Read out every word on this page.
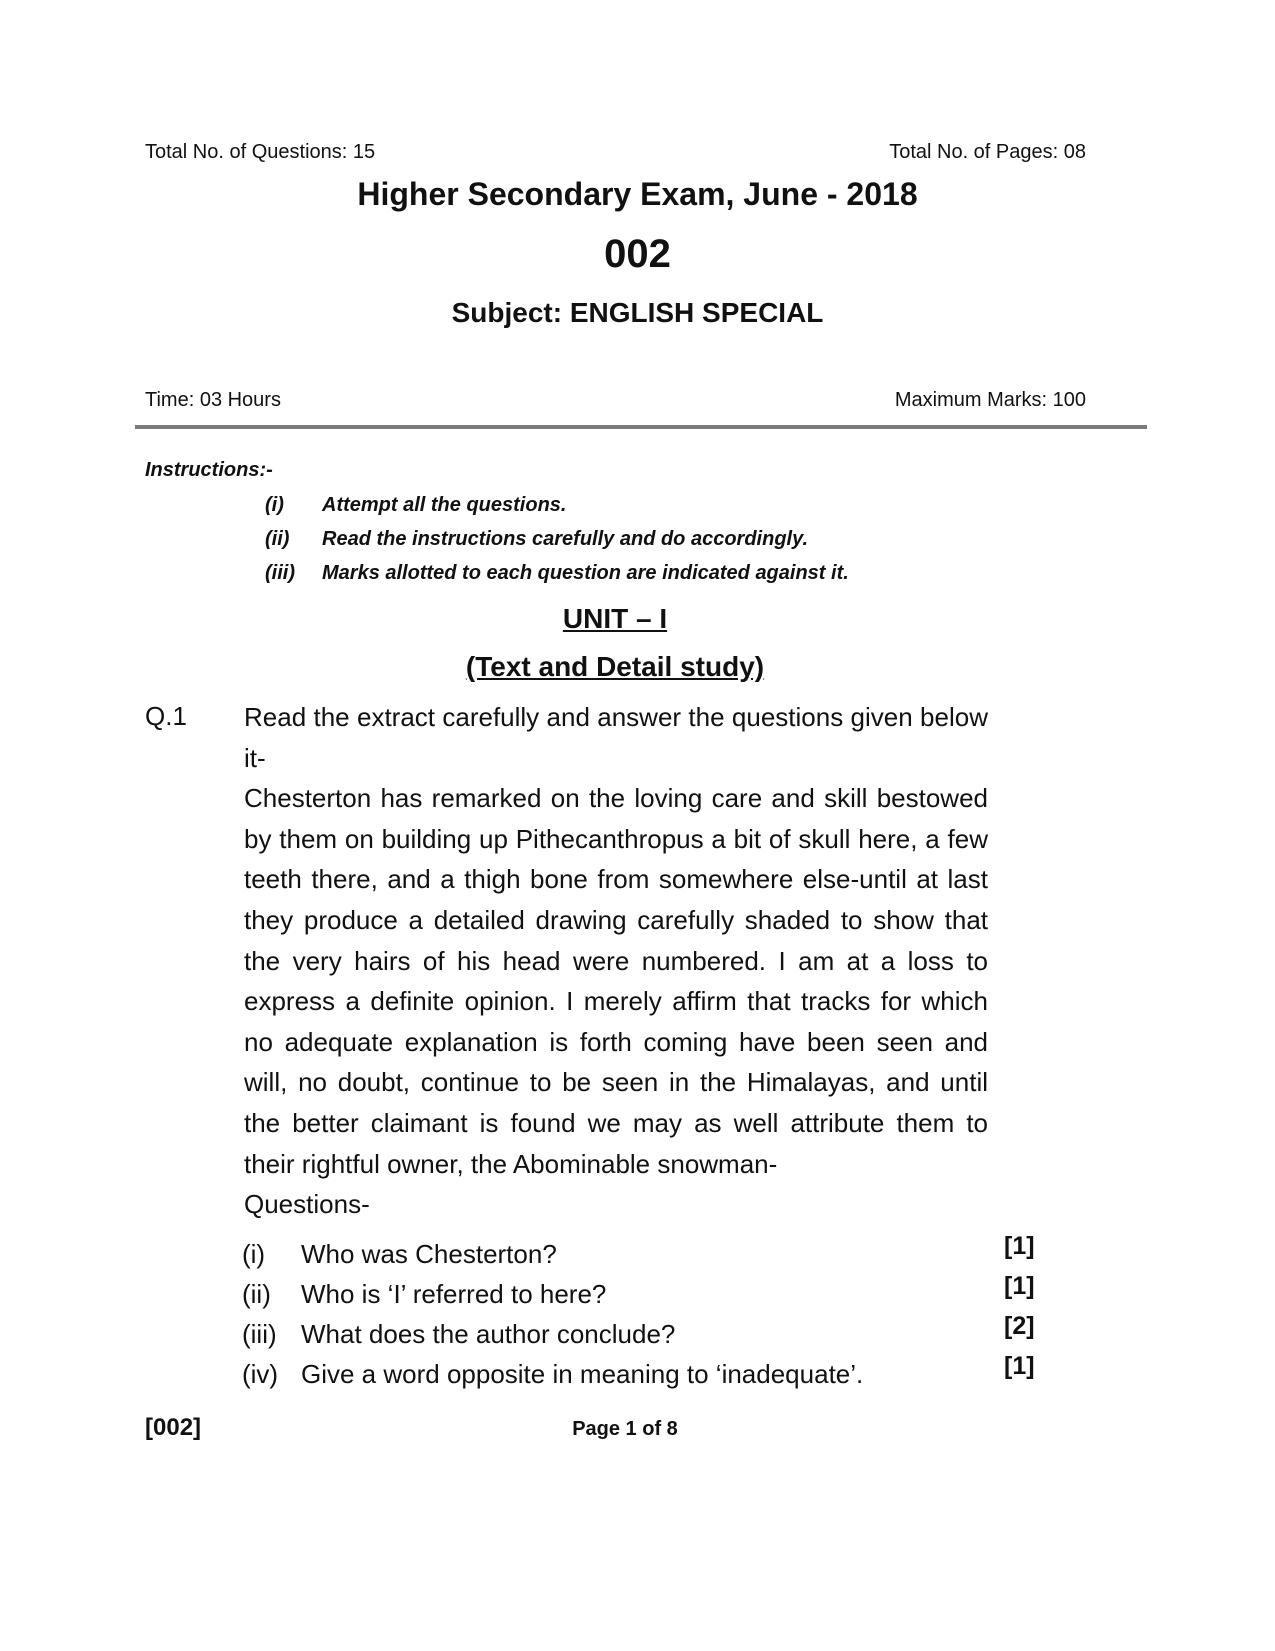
Total No. of Questions: 15	Total No. of Pages: 08
Higher Secondary Exam, June - 2018
002
Subject: ENGLISH SPECIAL
Time: 03 Hours	Maximum Marks: 100
Instructions:-
(i) Attempt all the questions.
(ii) Read the instructions carefully and do accordingly.
(iii) Marks allotted to each question are indicated against it.
UNIT – I
(Text and Detail study)
Q.1 Read the extract carefully and answer the questions given below it-

Chesterton has remarked on the loving care and skill bestowed by them on building up Pithecanthropus a bit of skull here, a few teeth there, and a thigh bone from somewhere else-until at last they produce a detailed drawing carefully shaded to show that the very hairs of his head were numbered. I am at a loss to express a definite opinion. I merely affirm that tracks for which no adequate explanation is forth coming have been seen and will, no doubt, continue to be seen in the Himalayas, and until the better claimant is found we may as well attribute them to their rightful owner, the Abominable snowman-

Questions-

(i) Who was Chesterton?	[1]
(ii) Who is ‘I’ referred to here?	[1]
(iii) What does the author conclude?	[2]
(iv) Give a word opposite in meaning to ‘inadequate’.	[1]
[002]	Page 1 of 8
